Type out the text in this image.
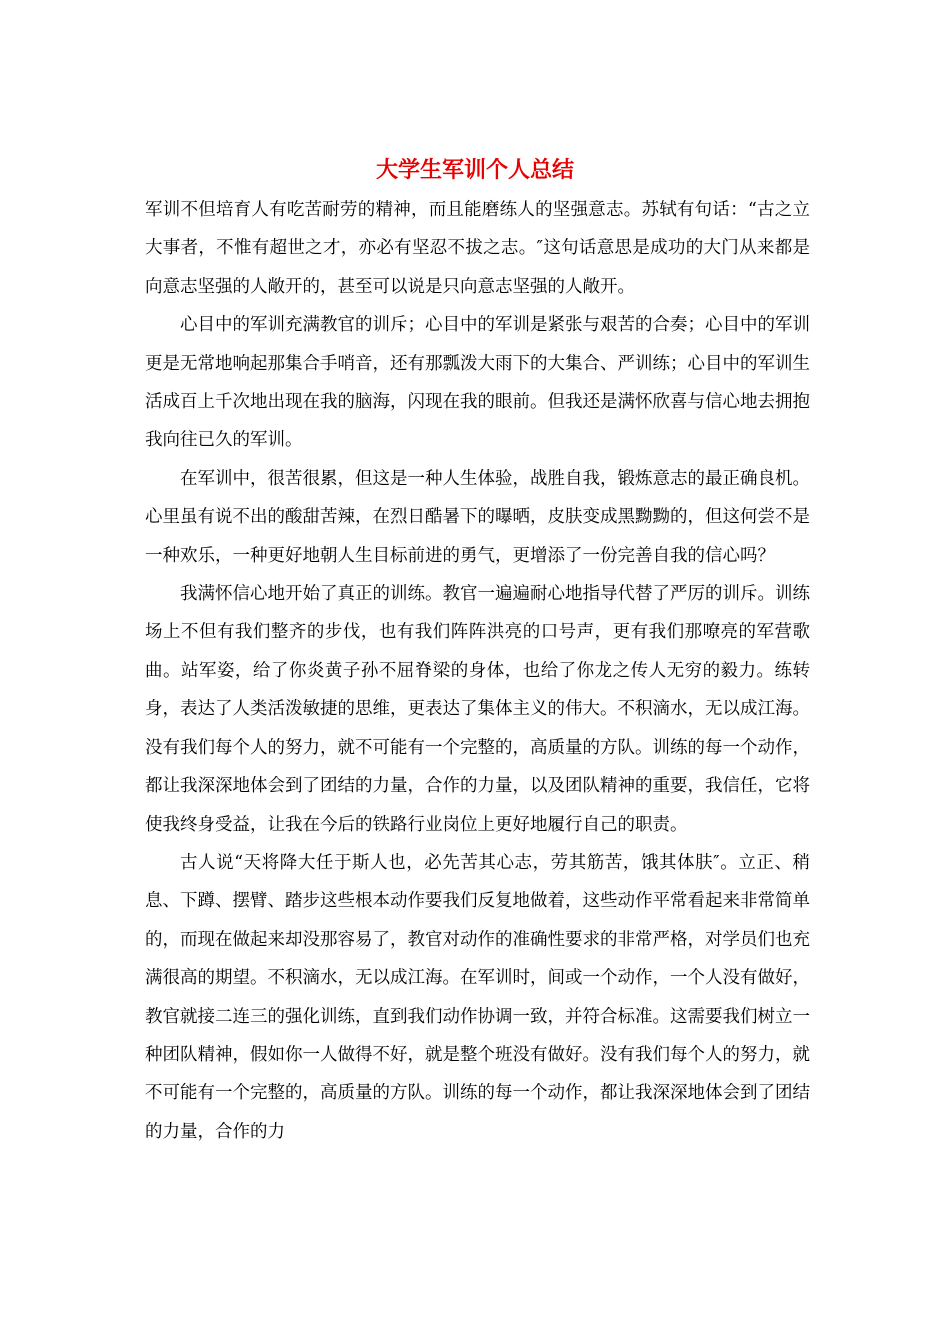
大学生军训个人总结

军训不但培育人有吃苦耐劳的精神，而且能磨练人的坚强意志。苏轼有句话：“古之立大事者，不惟有超世之才，亦必有坚忍不拔之志。″这句话意思是成功的大门从来都是向意志坚强的人敞开的，甚至可以说是只向意志坚强的人敞开。

心目中的军训充满教官的训斥；心目中的军训是紧张与艰苦的合奏；心目中的军训更是无常地响起那集合手哨音，还有那瓢泼大雨下的大集合、严训练；心目中的军训生活成百上千次地出现在我的脑海，闪现在我的眼前。但我还是满怀欣喜与信心地去拥抱我向往已久的军训。

在军训中，很苦很累，但这是一种人生体验，战胜自我，锻炼意志的最正确良机。心里虽有说不出的酸甜苦辣，在烈日酷暑下的曝晒，皮肤变成黑黝黝的，但这何尝不是一种欢乐，一种更好地朝人生目标前进的勇气，更增添了一份完善自我的信心吗？

我满怀信心地开始了真正的训练。教官一遍遍耐心地指导代替了严厉的训斥。训练场上不但有我们整齐的步伐，也有我们阵阵洪亮的口号声，更有我们那嘹亮的军营歌曲。站军姿，给了你炎黄子孙不屈脊梁的身体，也给了你龙之传人无穷的毅力。练转身，表达了人类活泼敏捷的思维，更表达了集体主义的伟大。不积滴水，无以成江海。没有我们每个人的努力，就不可能有一个完整的，高质量的方队。训练的每一个动作，都让我深深地体会到了团结的力量，合作的力量，以及团队精神的重要，我信任，它将使我终身受益，让我在今后的铁路行业岗位上更好地履行自己的职责。

古人说“天将降大任于斯人也，必先苦其心志，劳其筋苦，饿其体肤″。立正、稍息、下蹲、摆臂、踏步这些根本动作要我们反复地做着，这些动作平常看起来非常简单的，而现在做起来却没那容易了，教官对动作的准确性要求的非常严格，对学员们也充满很高的期望。不积滴水，无以成江海。在军训时，间或一个动作，一个人没有做好，教官就接二连三的强化训练，直到我们动作协调一致，并符合标准。这需要我们树立一种团队精神，假如你一人做得不好，就是整个班没有做好。没有我们每个人的努力，就不可能有一个完整的，高质量的方队。训练的每一个动作，都让我深深地体会到了团结的力量，合作的力
